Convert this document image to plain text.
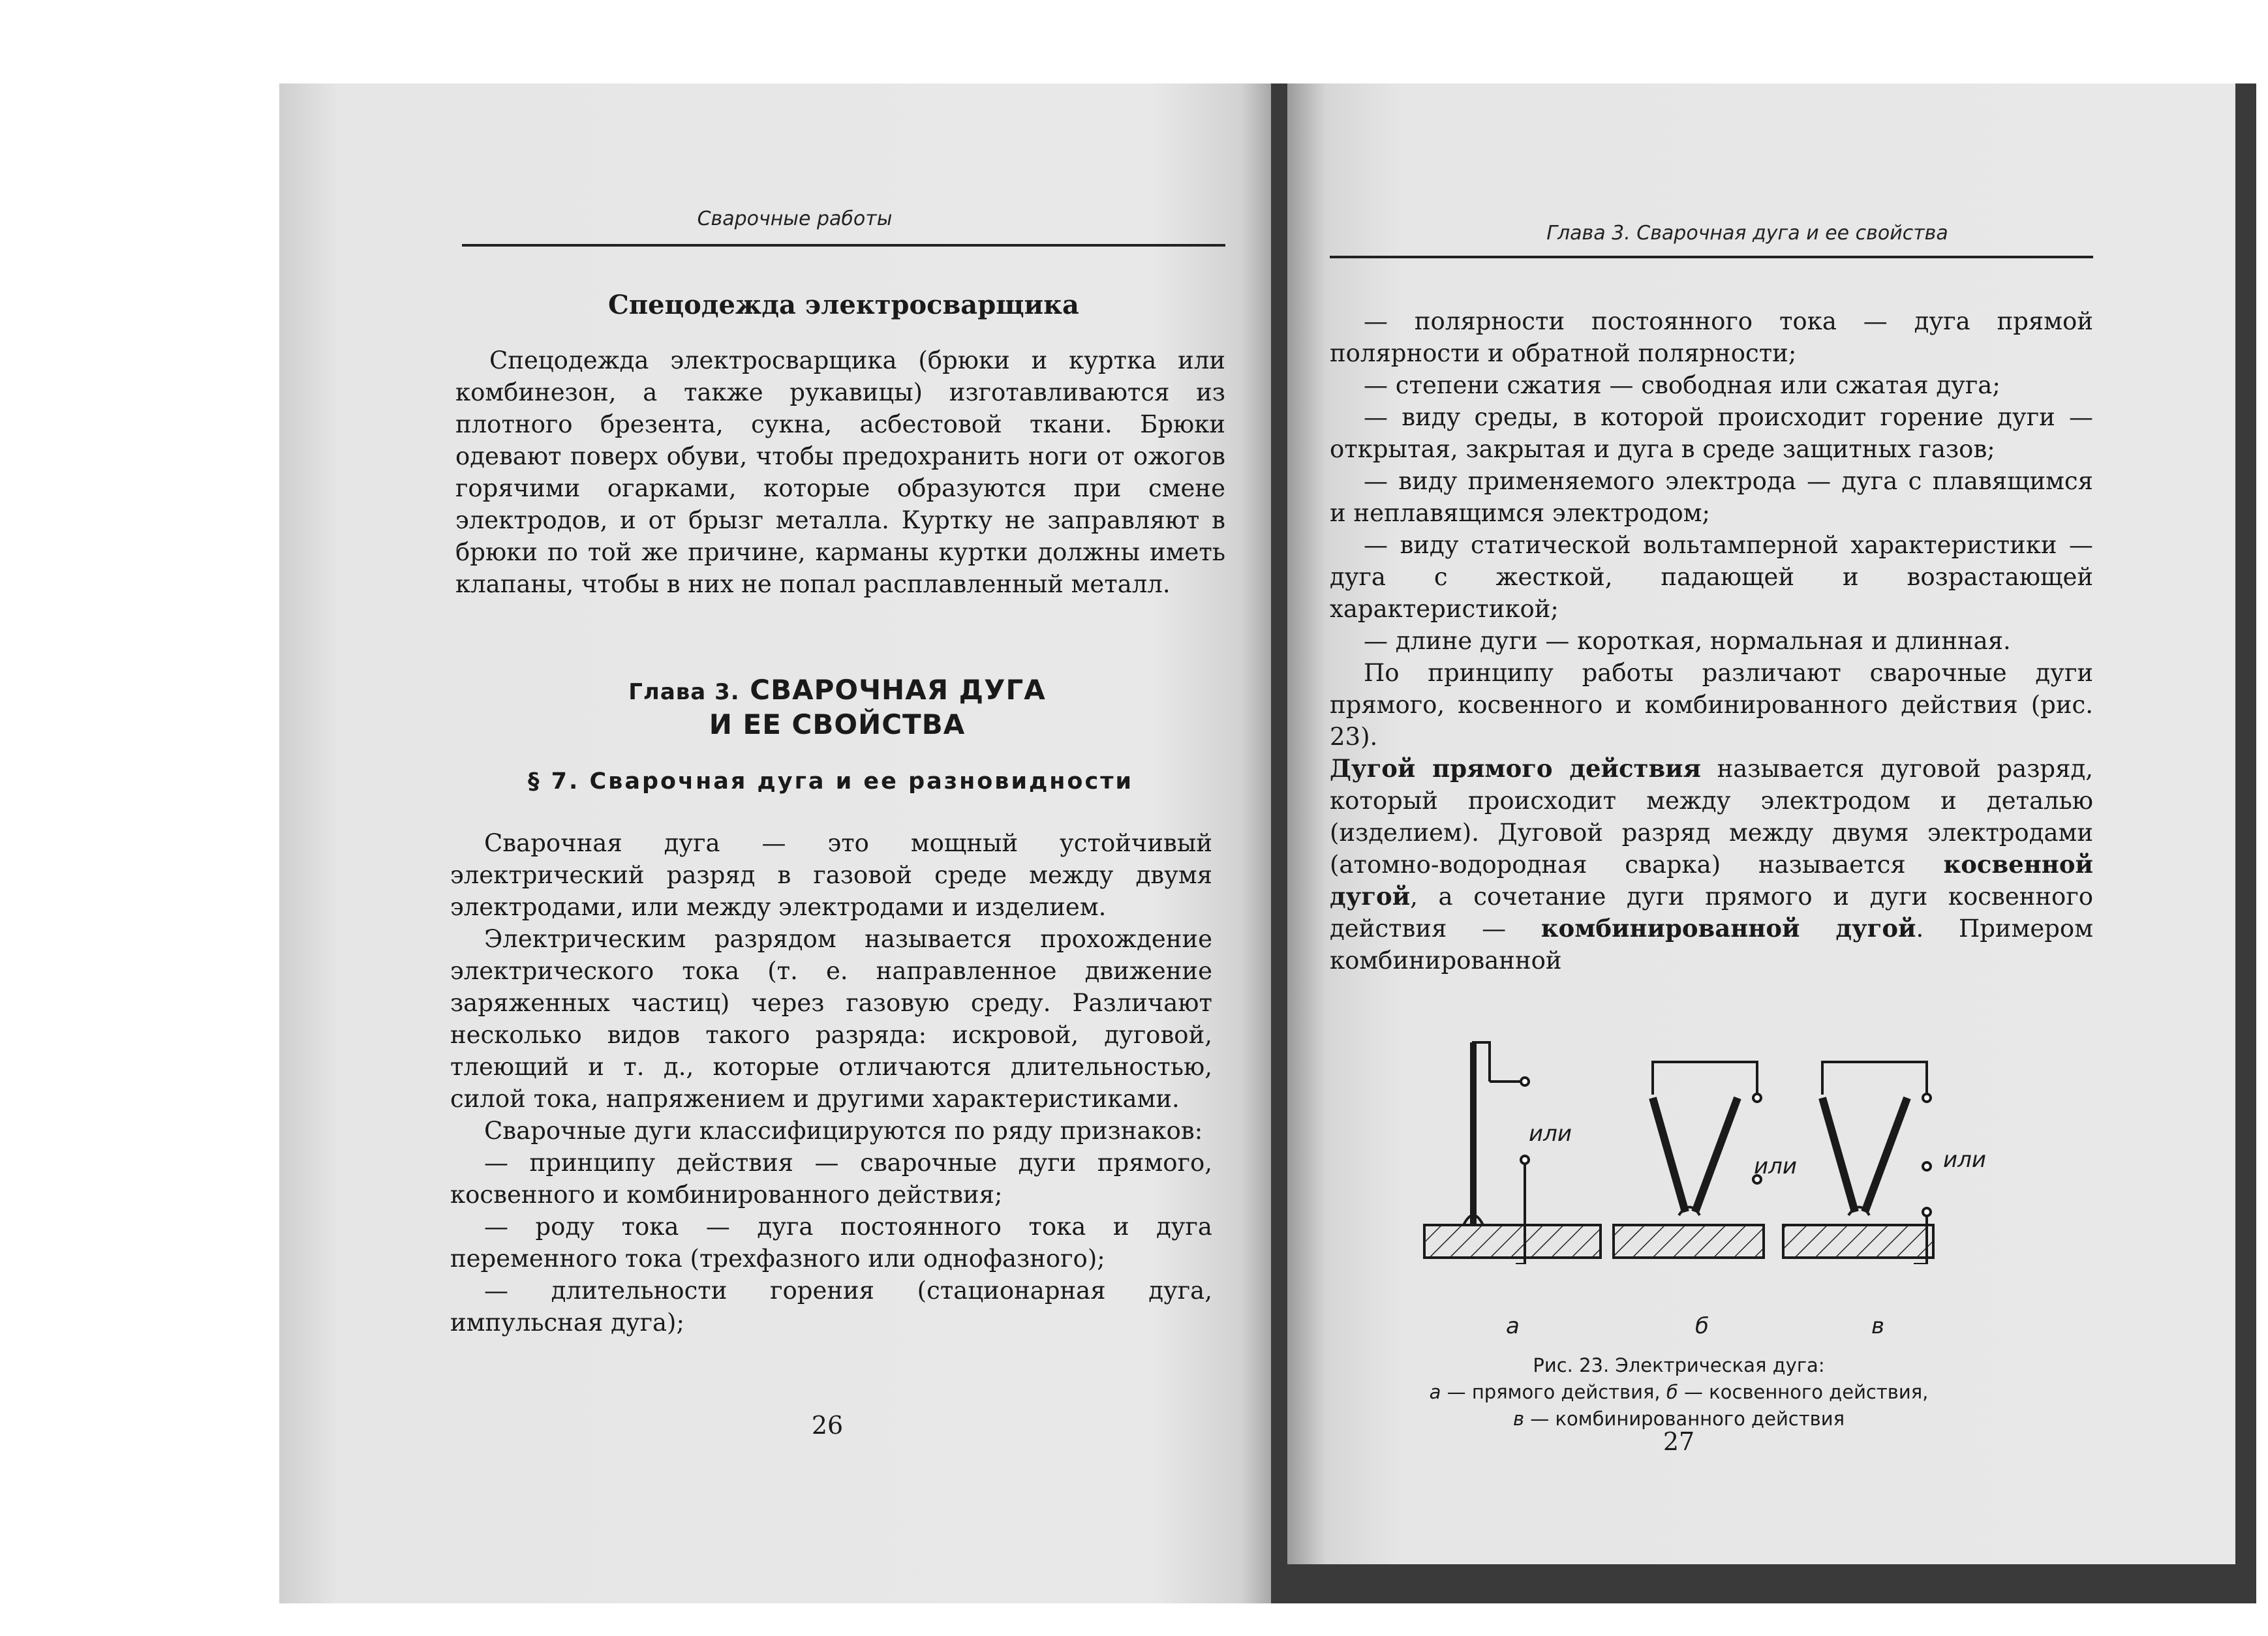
Сварочные работы
Спецодежда электросварщика

Спецодежда электросварщика (брюки и куртка или комбинезон, а также рукавицы) изготавливаются из плотного брезента, сукна, асбестовой ткани. Брюки одевают поверх обуви, чтобы предохранить ноги от ожогов горячими огарками, которые образуются при смене электродов, и от брызг металла. Куртку не заправляют в брюки по той же причине, карманы куртки должны иметь клапаны, чтобы в них не попал расплавленный металл.

Глава 3. СВАРОЧНАЯ ДУГА
И ЕЕ СВОЙСТВА
§ 7. Сварочная дуга и ее разновидности

Сварочная дуга — это мощный устойчивый электрический разряд в газовой среде между двумя электродами, или между электродами и изделием.

Электрическим разрядом называется прохождение электрического тока (т. е. направленное движение заряженных частиц) через газовую среду. Различают несколько видов такого разряда: искровой, дуговой, тлеющий и т. д., которые отличаются длительностью, силой тока, напряжением и другими характеристиками.

Сварочные дуги классифицируются по ряду признаков:

— принципу действия — сварочные дуги прямого, косвенного и комбинированного действия;

— роду тока — дуга постоянного тока и дуга переменного тока (трехфазного или однофазного);

— длительности горения (стационарная дуга, импульсная дуга);

26
Глава 3. Сварочная дуга и ее свойства

— полярности постоянного тока — дуга прямой полярности и обратной полярности;

— степени сжатия — свободная или сжатая дуга;

— виду среды, в которой происходит горение дуги — открытая, закрытая и дуга в среде защитных газов;

— виду применяемого электрода — дуга с плавящимся и неплавящимся электродом;

— виду статической вольтамперной характеристики — дуга с жесткой, падающей и возрастающей характеристикой;

— длине дуги — короткая, нормальная и длинная.

По принципу работы различают сварочные дуги прямого, косвенного и комбинированного действия (рис. 23).

Дугой прямого действия называется дуговой разряд, который происходит между электродом и деталью (изделием). Дуговой разряд между двумя электродами (атомно-водородная сварка) называется косвенной дугой, а сочетание дуги прямого и дуги косвенного действия — комбинированной дугой. Примером комбинированной

или
или	или
а	б	в
Рис. 23. Электрическая дуга:
а — прямого действия, б — косвенного действия,
в — комбинированного действия
27
